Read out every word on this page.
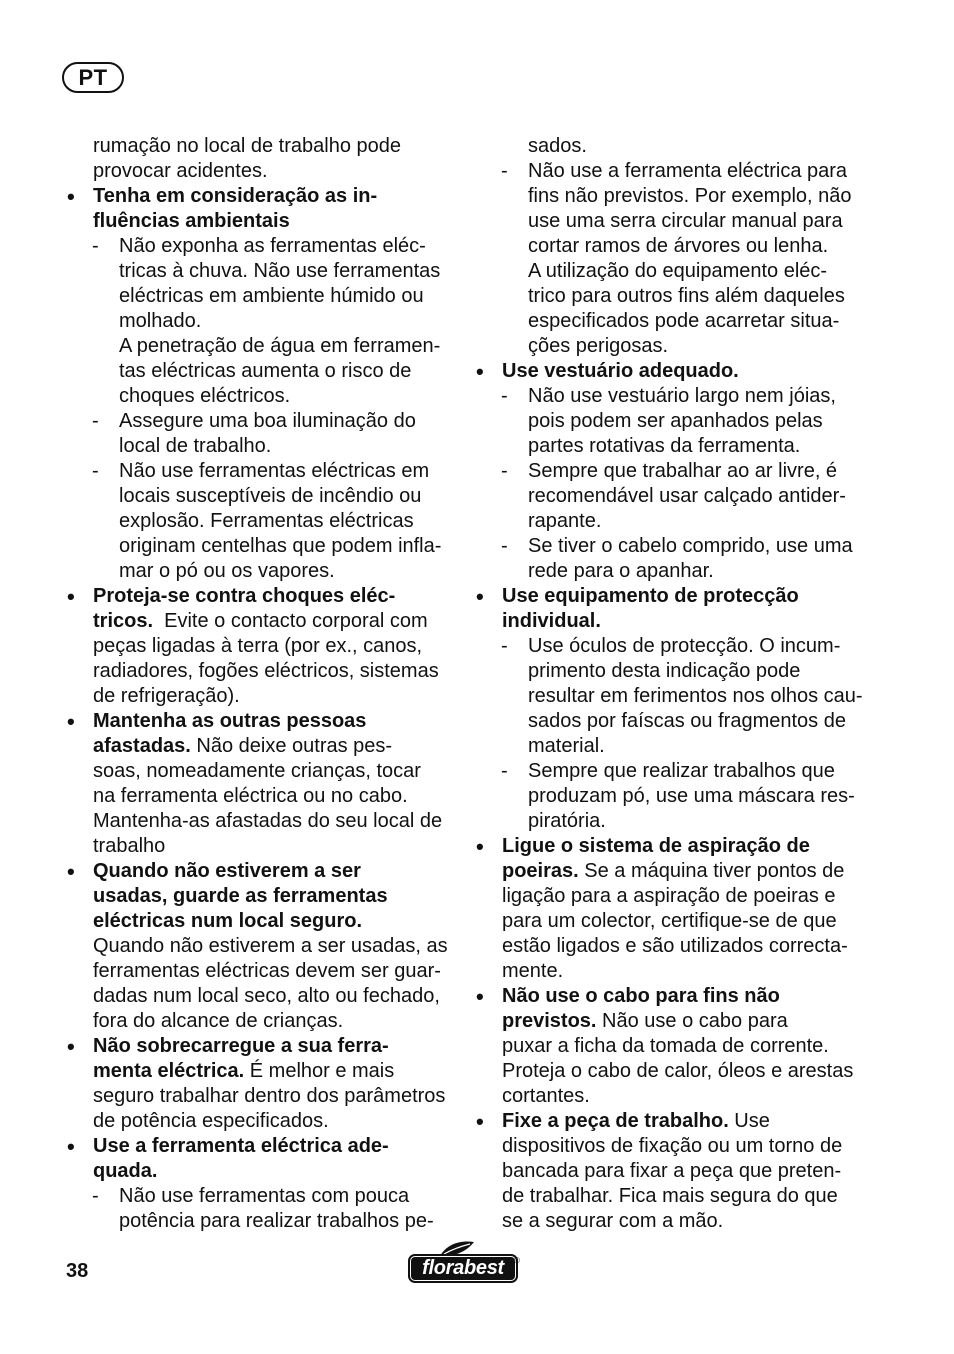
PT
rumação no local de trabalho pode
provocar acidentes.
• Tenha em consideração as in-
fluências ambientais
- Não exponha as ferramentas eléc-
tricas à chuva. Não use ferramentas
eléctricas em ambiente húmido ou
molhado.
A penetração de água em ferramen-
tas eléctricas aumenta o risco de
choques eléctricos.
- Assegure uma boa iluminação do
local de trabalho.
- Não use ferramentas eléctricas em
locais susceptíveis de incêndio ou
explosão. Ferramentas eléctricas
originam centelhas que podem infla-
mar o pó ou os vapores.
• Proteja-se contra choques eléc-
tricos.  Evite o contacto corporal com
peças ligadas à terra (por ex., canos,
radiadores, fogões eléctricos, sistemas
de refrigeração).
• Mantenha as outras pessoas
afastadas. Não deixe outras pes-
soas, nomeadamente crianças, tocar
na ferramenta eléctrica ou no cabo.
Mantenha-as afastadas do seu local de
trabalho
• Quando não estiverem a ser
usadas, guarde as ferramentas
eléctricas num local seguro.
Quando não estiverem a ser usadas, as
ferramentas eléctricas devem ser guar-
dadas num local seco, alto ou fechado,
fora do alcance de crianças.
• Não sobrecarregue a sua ferra-
menta eléctrica. É melhor e mais
seguro trabalhar dentro dos parâmetros
de potência especificados.
• Use a ferramenta eléctrica ade-
quada.
- Não use ferramentas com pouca
potência para realizar trabalhos pe-
sados.
- Não use a ferramenta eléctrica para
fins não previstos. Por exemplo, não
use uma serra circular manual para
cortar ramos de árvores ou lenha.
A utilização do equipamento eléc-
trico para outros fins além daqueles
especificados pode acarretar situa-
ções perigosas.
• Use vestuário adequado.
- Não use vestuário largo nem jóias,
pois podem ser apanhados pelas
partes rotativas da ferramenta.
- Sempre que trabalhar ao ar livre, é
recomendável usar calçado antider-
rapante.
- Se tiver o cabelo comprido, use uma
rede para o apanhar.
• Use equipamento de protecção
individual.
- Use óculos de protecção. O incum-
primento desta indicação pode
resultar em ferimentos nos olhos cau-
sados por faíscas ou fragmentos de
material.
- Sempre que realizar trabalhos que
produzam pó, use uma máscara res-
piratória.
• Ligue o sistema de aspiração de
poeiras. Se a máquina tiver pontos de
ligação para a aspiração de poeiras e
para um colector, certifique-se de que
estão ligados e são utilizados correcta-
mente.
• Não use o cabo para fins não
previstos. Não use o cabo para
puxar a ficha da tomada de corrente.
Proteja o cabo de calor, óleos e arestas
cortantes.
• Fixe a peça de trabalho. Use
dispositivos de fixação ou um torno de
bancada para fixar a peça que preten-
de trabalhar. Fica mais segura do que
se a segurar com a mão.
38	florabest	®
